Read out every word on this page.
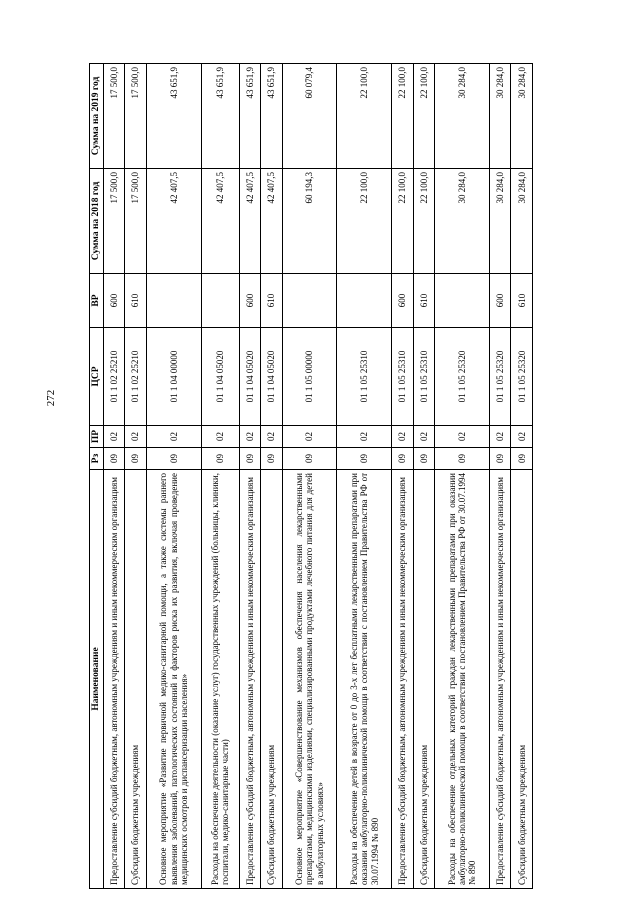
272
Наименование	Рз	ПР	ЦСР	ВР	Сумма на 2018 год	Сумма на 2019 год
Предоставление субсидий бюджетным, автономным учреждениям и иным некоммерческим организациям	09	02	01 1 02 25210	600	17 500,0	17 500,0
Субсидии бюджетным учреждениям	09	02	01 1 02 25210	610	17 500,0	17 500,0
Основное мероприятие «Развитие первичной медико-санитарной помощи, а также системы раннего выявления заболеваний, патологических состояний и факторов риска их развития, включая проведение медицинских осмотров и диспансеризации населения»	09	02	01 1 04 00000		42 407,5	43 651,9
Расходы на обеспечение деятельности (оказание услуг) государственных учреждений (больницы, клиники, госпитали, медико-санитарные части)	09	02	01 1 04 05020		42 407,5	43 651,9
Предоставление субсидий бюджетным, автономным учреждениям и иным некоммерческим организациям	09	02	01 1 04 05020	600	42 407,5	43 651,9
Субсидии бюджетным учреждениям	09	02	01 1 04 05020	610	42 407,5	43 651,9
Основное мероприятие «Совершенствование механизмов обеспечения населения лекарственными препаратами, медицинскими изделиями, специализированными продуктами лечебного питания для детей в амбулаторных условиях»	09	02	01 1 05 00000		60 194,3	60 079,4
Расходы на обеспечение детей в возрасте от 0 до 3-х лет бесплатными лекарственными препаратами при оказании амбулаторно-поликлинической помощи в соответствии с постановлением Правительства РФ от 30.07.1994 № 890	09	02	01 1 05 25310		22 100,0	22 100,0
Предоставление субсидий бюджетным, автономным учреждениям и иным некоммерческим организациям	09	02	01 1 05 25310	600	22 100,0	22 100,0
Субсидии бюджетным учреждениям	09	02	01 1 05 25310	610	22 100,0	22 100,0
Расходы на обеспечение отдельных категорий граждан лекарственными препаратами при оказании амбулаторно-поликлинической помощи в соответствии с постановлением Правительства РФ от 30.07.1994 № 890	09	02	01 1 05 25320		30 284,0	30 284,0
Предоставление субсидий бюджетным, автономным учреждениям и иным некоммерческим организациям	09	02	01 1 05 25320	600	30 284,0	30 284,0
Субсидии бюджетным учреждениям	09	02	01 1 05 25320	610	30 284,0	30 284,0
